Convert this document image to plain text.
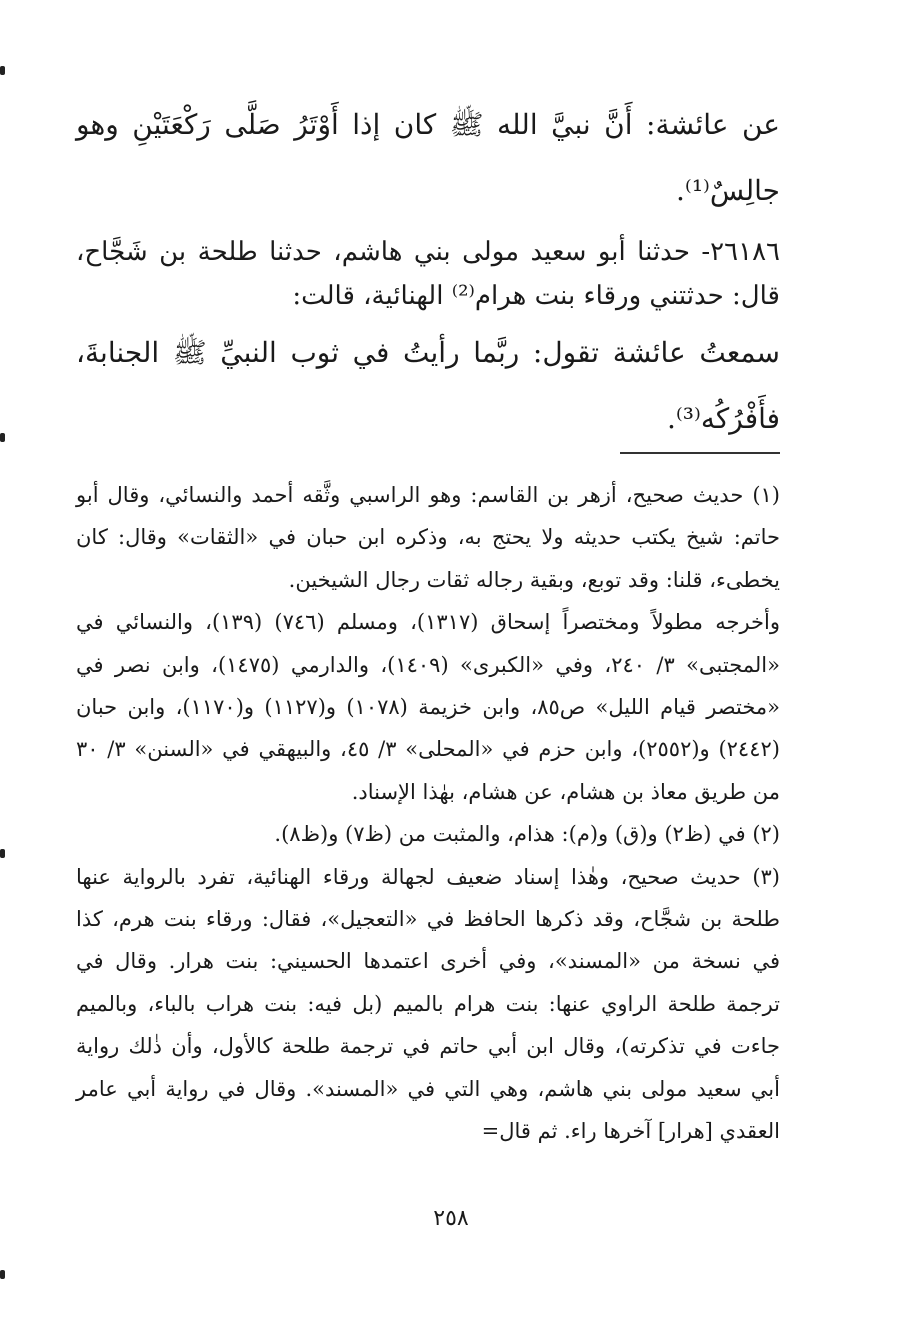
عن عائشة: أَنَّ نبيَّ الله ﷺ كان إذا أَوْتَرُ صَلَّى رَكْعَتَيْنِ وهو جالِسٌ⁽¹⁾.

٢٦١٨٦- حدثنا أبو سعيد مولى بني هاشم، حدثنا طلحة بن شَجَّاح، قال: حدثتني ورقاء بنت هرام⁽²⁾ الهنائية، قالت:

سمعتُ عائشة تقول: ربَّما رأيتُ في ثوب النبيِّ ﷺ الجنابةَ، فأَفْرُكُه⁽³⁾.

(١) حديث صحيح، أزهر بن القاسم: وهو الراسبي وثَّقه أحمد والنسائي، وقال أبو حاتم: شيخ يكتب حديثه ولا يحتج به، وذكره ابن حبان في «الثقات» وقال: كان يخطىء، قلنا: وقد توبع، وبقية رجاله ثقات رجال الشيخين.

وأخرجه مطولاً ومختصراً إسحاق (١٣١٧)، ومسلم (٧٤٦) (١٣٩)، والنسائي في «المجتبى» ٣/ ٢٤٠، وفي «الكبرى» (١٤٠٩)، والدارمي (١٤٧٥)، وابن نصر في «مختصر قيام الليل» ص٨٥، وابن خزيمة (١٠٧٨) و(١١٢٧) و(١١٧٠)، وابن حبان (٢٤٤٢) و(٢٥٥٢)، وابن حزم في «المحلى» ٣/ ٤٥، والبيهقي في «السنن» ٣/ ٣٠ من طريق معاذ بن هشام، عن هشام، بهٰذا الإسناد.

(٢) في (ظ٢) و(ق) و(م): هذام، والمثبت من (ظ٧) و(ظ٨).

(٣) حديث صحيح، وهٰذا إسناد ضعيف لجهالة ورقاء الهنائية، تفرد بالرواية عنها طلحة بن شجَّاح، وقد ذكرها الحافظ في «التعجيل»، فقال: ورقاء بنت هرم، كذا في نسخة من «المسند»، وفي أخرى اعتمدها الحسيني: بنت هرار. وقال في ترجمة طلحة الراوي عنها: بنت هرام بالميم (بل فيه: بنت هراب بالباء، وبالميم جاءت في تذكرته)، وقال ابن أبي حاتم في ترجمة طلحة كالأول، وأن ذٰلك رواية أبي سعيد مولى بني هاشم، وهي التي في «المسند». وقال في رواية أبي عامر العقدي [هرار] آخرها راء. ثم قال=

٢٥٨
